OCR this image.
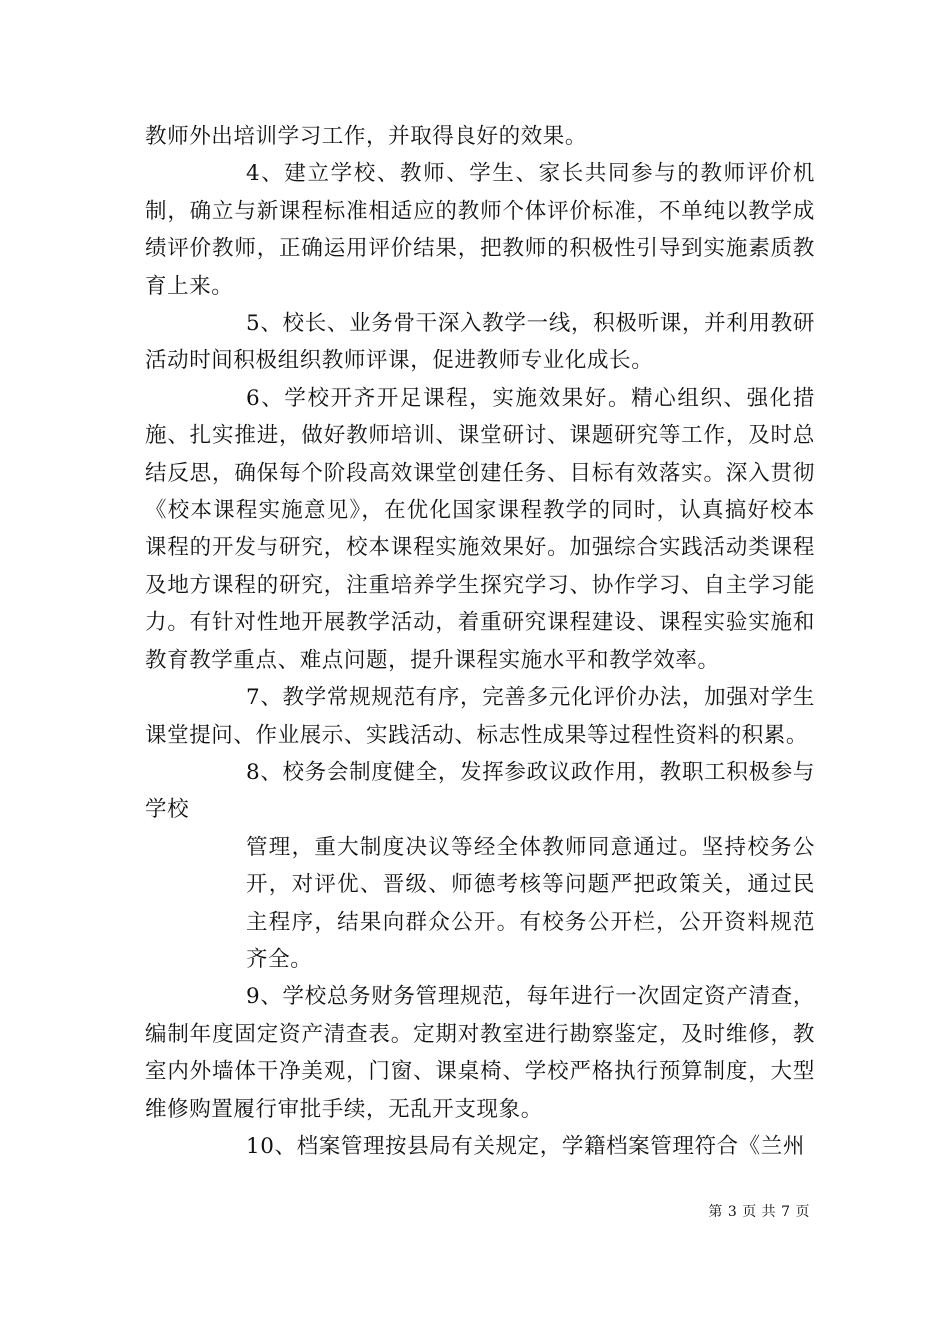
教师外出培训学习工作，并取得良好的效果。

4、建立学校、教师、学生、家长共同参与的教师评价机制，确立与新课程标准相适应的教师个体评价标准，不单纯以教学成绩评价教师，正确运用评价结果，把教师的积极性引导到实施素质教育上来。

5、校长、业务骨干深入教学一线，积极听课，并利用教研活动时间积极组织教师评课，促进教师专业化成长。

6、学校开齐开足课程，实施效果好。精心组织、强化措施、扎实推进，做好教师培训、课堂研讨、课题研究等工作，及时总结反思，确保每个阶段高效课堂创建任务、目标有效落实。深入贯彻《校本课程实施意见》，在优化国家课程教学的同时，认真搞好校本课程的开发与研究，校本课程实施效果好。加强综合实践活动类课程及地方课程的研究，注重培养学生探究学习、协作学习、自主学习能力。有针对性地开展教学活动，着重研究课程建设、课程实验实施和教育教学重点、难点问题，提升课程实施水平和教学效率。

7、教学常规规范有序，完善多元化评价办法，加强对学生课堂提问、作业展示、实践活动、标志性成果等过程性资料的积累。

8、校务会制度健全，发挥参政议政作用，教职工积极参与学校

管理，重大制度决议等经全体教师同意通过。坚持校务公开，对评优、晋级、师德考核等问题严把政策关，通过民主程序，结果向群众公开。有校务公开栏，公开资料规范齐全。

9、学校总务财务管理规范，每年进行一次固定资产清查，编制年度固定资产清查表。定期对教室进行勘察鉴定，及时维修，教室内外墙体干净美观，门窗、课桌椅、学校严格执行预算制度，大型维修购置履行审批手续，无乱开支现象。

10、档案管理按县局有关规定，学籍档案管理符合《兰州

第 3 页 共 7 页
